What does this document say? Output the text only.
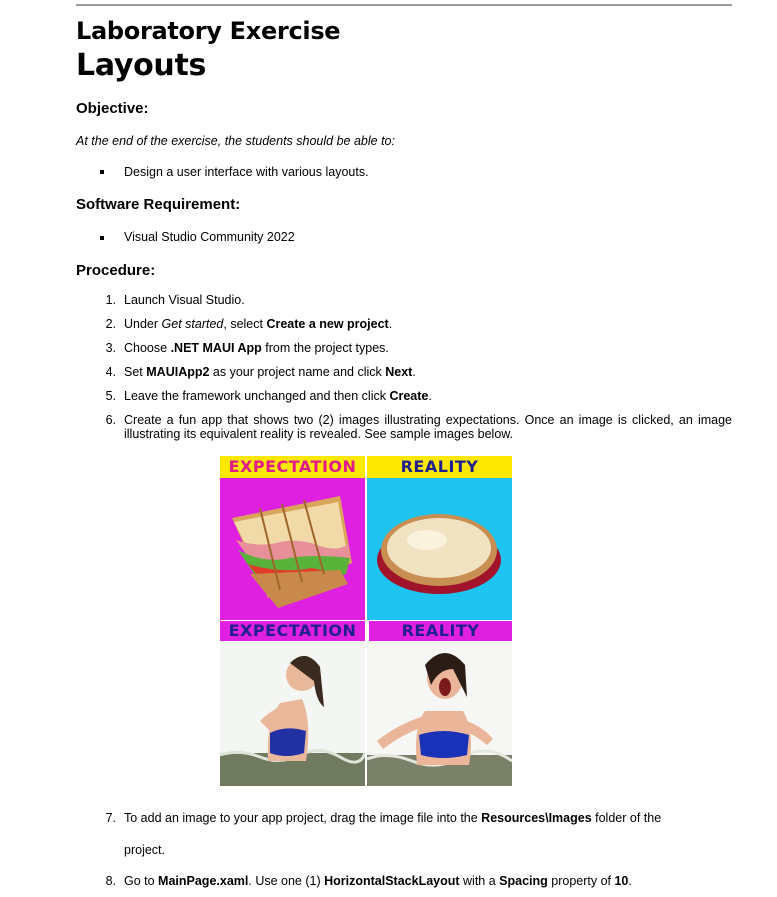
Laboratory Exercise
Layouts
Objective:
At the end of the exercise, the students should be able to:
Design a user interface with various layouts.
Software Requirement:
Visual Studio Community 2022
Procedure:
1. Launch Visual Studio.
2. Under Get started, select Create a new project.
3. Choose .NET MAUI App from the project types.
4. Set MAUIApp2 as your project name and click Next.
5. Leave the framework unchanged and then click Create.
6. Create a fun app that shows two (2) images illustrating expectations. Once an image is clicked, an image illustrating its equivalent reality is revealed. See sample images below.
EXPECTATION	REALITY
EXPECTATION	REALITY
7. To add an image to your app project, drag the image file into the Resources\Images folder of the
project.
8. Go to MainPage.xaml. Use one (1) HorizontalStackLayout with a Spacing property of 10.
